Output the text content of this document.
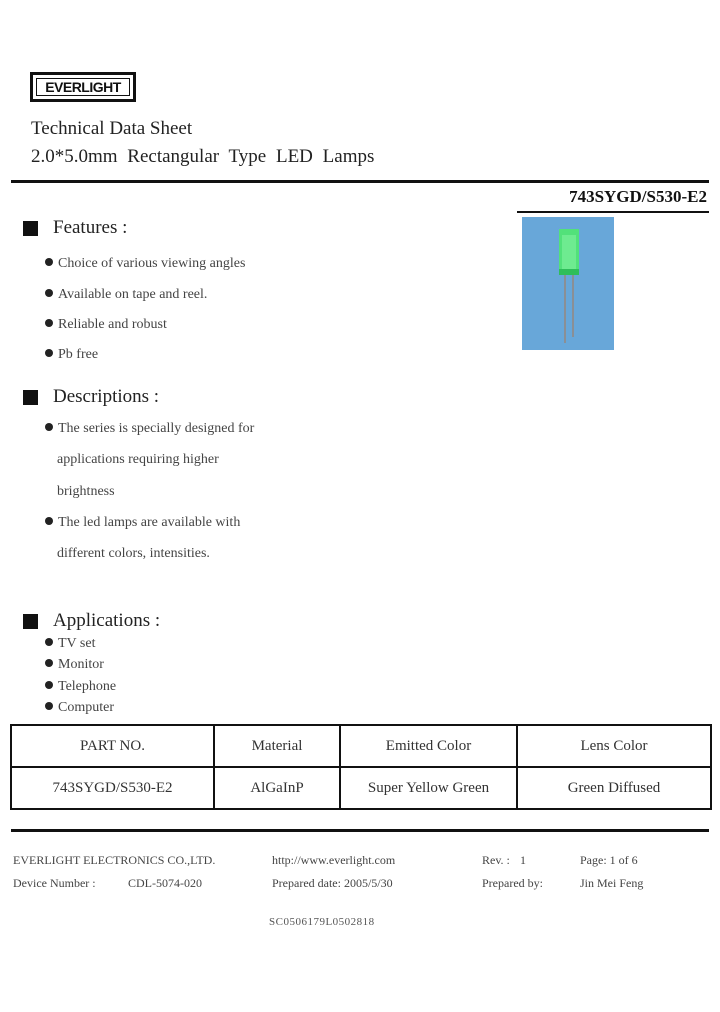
EVERLIGHT
Technical Data Sheet
2.0*5.0mm Rectangular Type LED Lamps
743SYGD/S530-E2
Features :
Choice of various viewing angles
Available on tape and reel.
Reliable and robust
Pb free
Descriptions :
The series is specially designed for
applications requiring higher
brightness
The led lamps are available with
different colors, intensities.
Applications :
TV set
Monitor
Telephone
Computer
PART NO.	Material	Emitted Color	Lens Color
743SYGD/S530-E2	AlGaInP	Super Yellow Green	Green Diffused
EVERLIGHT ELECTRONICS CO.,LTD.	http://www.everlight.com	Rev. : 1	Page: 1 of 6
Device Number :	CDL-5074-020	Prepared date: 2005/5/30	Prepared by:	Jin Mei Feng
SC0506179L0502818
